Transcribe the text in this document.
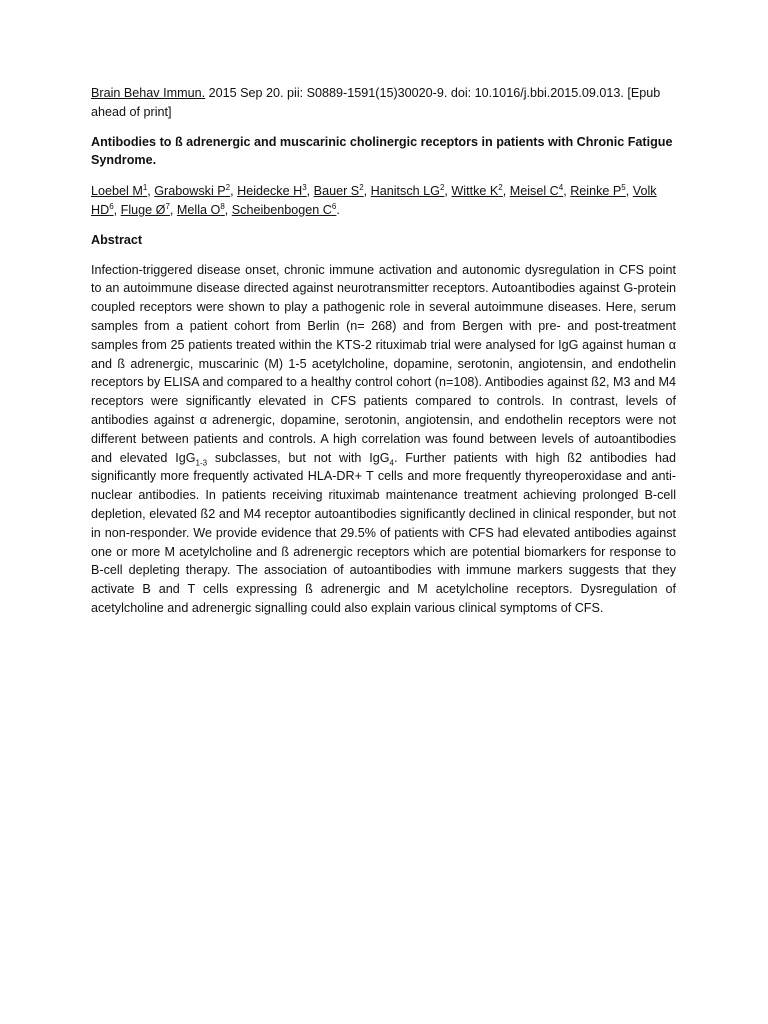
Brain Behav Immun. 2015 Sep 20. pii: S0889-1591(15)30020-9. doi: 10.1016/j.bbi.2015.09.013. [Epub ahead of print]

Antibodies to ß adrenergic and muscarinic cholinergic receptors in patients with Chronic Fatigue Syndrome.

Loebel $M^1$, Grabowski $P^2$, Heidecke $H^3$, Bauer $S^2$, Hanitsch $LG^2$, Wittke $K^2$, Meisel $C^4$, Reinke $P^5$, Volk $HD^6$, Fluge $Ø^7$, Mella $O^8$, Scheibenbogen $C^6$.

Abstract

Infection-triggered disease onset, chronic immune activation and autonomic dysregulation in CFS point to an autoimmune disease directed against neurotransmitter receptors. Autoantibodies against G-protein coupled receptors were shown to play a pathogenic role in several autoimmune diseases. Here, serum samples from a patient cohort from Berlin (n= 268) and from Bergen with pre- and post-treatment samples from 25 patients treated within the KTS-2 rituximab trial were analysed for IgG against human α and ß adrenergic, muscarinic (M) 1-5 acetylcholine, dopamine, serotonin, angiotensin, and endothelin receptors by ELISA and compared to a healthy control cohort (n=108). Antibodies against ß2, M3 and M4 receptors were significantly elevated in CFS patients compared to controls. In contrast, levels of antibodies against α adrenergic, dopamine, serotonin, angiotensin, and endothelin receptors were not different between patients and controls. A high correlation was found between levels of autoantibodies and elevated IgG$_{1-3}$ subclasses, but not with IgG$_4$. Further patients with high ß2 antibodies had significantly more frequently activated HLA-DR+ T cells and more frequently thyreoperoxidase and anti-nuclear antibodies. In patients receiving rituximab maintenance treatment achieving prolonged B-cell depletion, elevated ß2 and M4 receptor autoantibodies significantly declined in clinical responder, but not in non-responder. We provide evidence that 29.5% of patients with CFS had elevated antibodies against one or more M acetylcholine and ß adrenergic receptors which are potential biomarkers for response to B-cell depleting therapy. The association of autoantibodies with immune markers suggests that they activate B and T cells expressing ß adrenergic and M acetylcholine receptors. Dysregulation of acetylcholine and adrenergic signalling could also explain various clinical symptoms of CFS.
